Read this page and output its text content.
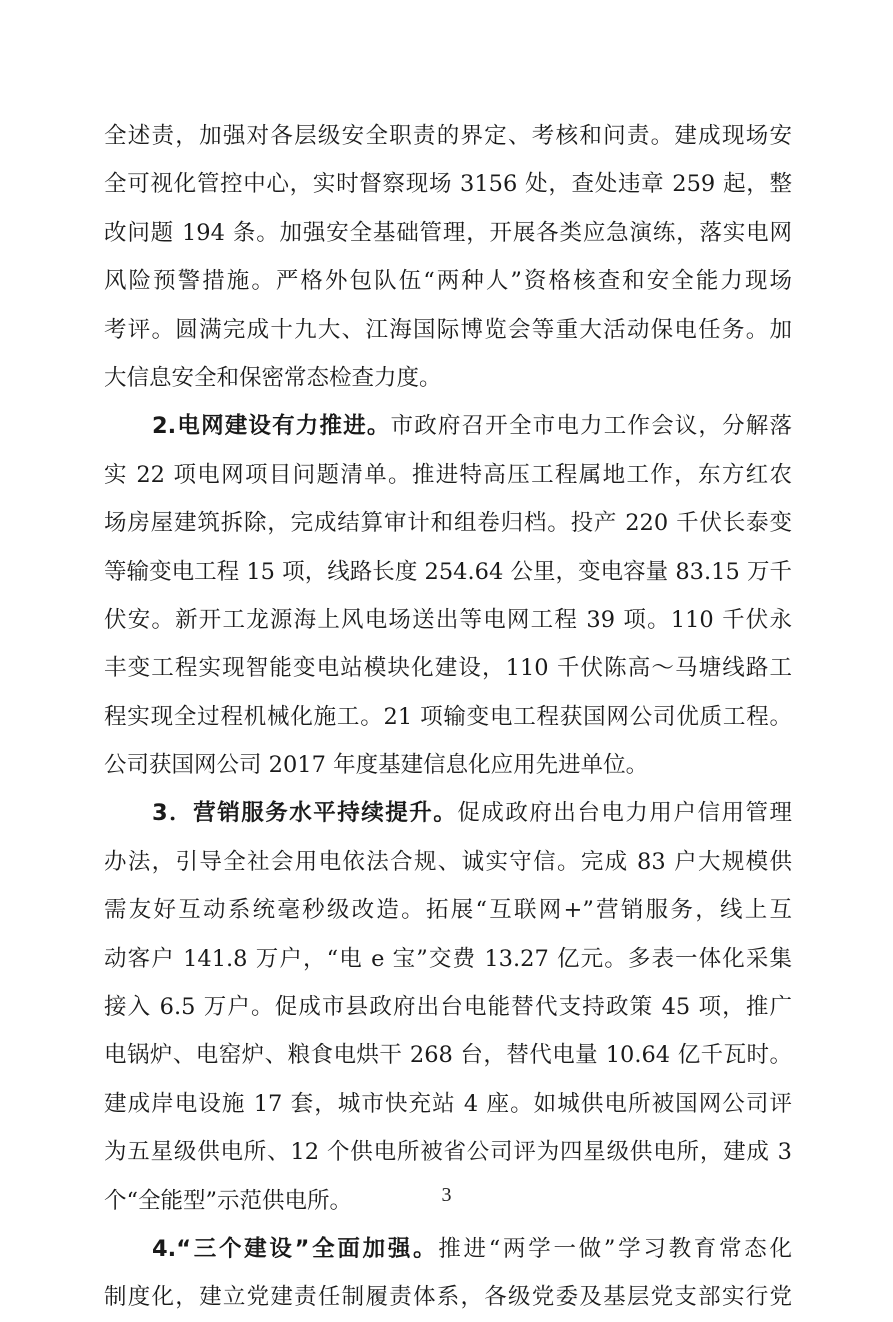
全述责，加强对各层级安全职责的界定、考核和问责。建成现场安
全可视化管控中心，实时督察现场 3156 处，查处违章 259 起，整
改问题 194 条。加强安全基础管理，开展各类应急演练，落实电网
风险预警措施。严格外包队伍“两种人”资格核查和安全能力现场
考评。圆满完成十九大、江海国际博览会等重大活动保电任务。加
大信息安全和保密常态检查力度。
2.电网建设有力推进。市政府召开全市电力工作会议，分解落
实 22 项电网项目问题清单。推进特高压工程属地工作，东方红农
场房屋建筑拆除，完成结算审计和组卷归档。投产 220 千伏长泰变
等输变电工程 15 项，线路长度 254.64 公里，变电容量 83.15 万千
伏安。新开工龙源海上风电场送出等电网工程 39 项。110 千伏永
丰变工程实现智能变电站模块化建设，110 千伏陈高～马塘线路工
程实现全过程机械化施工。21 项输变电工程获国网公司优质工程。
公司获国网公司 2017 年度基建信息化应用先进单位。
3．营销服务水平持续提升。促成政府出台电力用户信用管理
办法，引导全社会用电依法合规、诚实守信。完成 83 户大规模供
需友好互动系统毫秒级改造。拓展“互联网+”营销服务，线上互
动客户 141.8 万户，“电 e 宝”交费 13.27 亿元。多表一体化采集
接入 6.5 万户。促成市县政府出台电能替代支持政策 45 项，推广
电锅炉、电窑炉、粮食电烘干 268 台，替代电量 10.64 亿千瓦时。
建成岸电设施 17 套，城市快充站 4 座。如城供电所被国网公司评
为五星级供电所、12 个供电所被省公司评为四星级供电所，建成 3
个“全能型”示范供电所。
4.“三个建设”全面加强。推进“两学一做”学习教育常态化
制度化，建立党建责任制履责体系，各级党委及基层党支部实行党
3
